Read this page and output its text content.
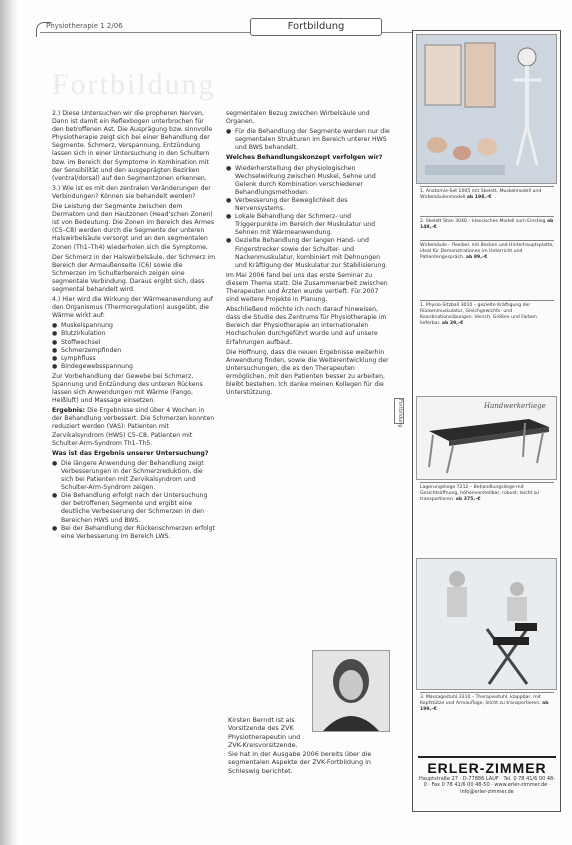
Physiotherapie 1 2/06	Fortbildung
Fortbildung

2.) Diese Untersuchen wir die propheren Nerven, Dann ist damit ein Reflexbogen unterbrochen für den betroffenen Ast. Die Ausprägung bzw. sinnvolle Physiotherapie zeigt sich bei einer Behandlung der Segmente. Schmerz, Verspannung, Entzündung lassen sich in einer Untersuchung in den Schultern bzw. im Bereich der Symptome in Kombination mit der Sensibilität und den ausgeprägten Bezirken (ventral/dorsal) auf den Segmentzonen erkennen.

3.) Wie ist es mit den zentralen Veränderungen der Verbindungen? Können sie behandelt werden?

Die Leistung der Segmente zwischen dem Dermatom und den Hautzonen (Head’schen Zonen) ist von Bedeutung. Die Zonen im Bereich des Armes (C5–C8) werden durch die Segmente der unteren Halswirbelsäule versorgt und an den segmentalen Zonen (Th1–Th4) wiederholen sich die Symptome.

Der Schmerz in der Halswirbelsäule, der Schmerz im Bereich der Armaußenseite (C6) sowie die Schmerzen im Schulterbereich zeigen eine segmentale Verbindung. Daraus ergibt sich, dass segmental behandelt wird.

4.) Hier wird die Wirkung der Wärmeanwendung auf den Organismus (Thermoregulation) ausgeübt, die Wärme wirkt auf:

● Muskelspannung
● Blutzirkulation
● Stoffwechsel
● Schmerzempfinden
● Lymphfluss
● Bindegewebsspannung

Zur Vorbehandlung der Gewebe bei Schmerz, Spannung und Entzündung des unteren Rückens lassen sich Anwendungen mit Wärme (Fango, Heißluft) und Massage einsetzen.

Ergebnis: Die Ergebnisse sind über 4 Wochen in der Behandlung verbessert. Die Schmerzen konnten reduziert werden (VAS): Patienten mit Zervikalsyndrom (HWS) C5–C8, Patienten mit Schulter-Arm-Syndrom Th1–Th5.

Was ist das Ergebnis unserer Untersuchung?

● Die längere Anwendung der Behandlung zeigt Verbesserungen in der Schmerzreduktion, die sich bei Patienten mit Zervikalsyndrom und Schulter-Arm-Syndrom zeigen.
● Die Behandlung erfolgt nach der Untersuchung der betroffenen Segmente und ergibt eine deutliche Verbesserung der Schmerzen in den Bereichen HWS und BWS.
● Bei der Behandlung der Rückenschmerzen erfolgt eine Verbesserung im Bereich LWS.

segmentalen Bezug zwischen Wirbelsäule und Organen.

● Für die Behandlung der Segmente werden nur die segmentalen Strukturen im Bereich unterer HWS und BWS behandelt.

Welches Behandlungskonzept verfolgen wir?

● Wiederherstellung der physiologischen Wechselwirkung zwischen Muskel, Sehne und Gelenk durch Kombination verschiedener Behandlungsmethoden.
● Verbesserung der Beweglichkeit des Nervensystems.
● Lokale Behandlung der Schmerz- und Triggerpunkte im Bereich der Muskulatur und Sehnen mit Wärmeanwendung.
● Gezielte Behandlung der langen Hand- und Fingerstrecker sowie der Schulter- und Nackenmuskulatur, kombiniert mit Dehnungen und Kräftigung der Muskulatur zur Stabilisierung.

Im Mai 2006 fand bei uns das erste Seminar zu diesem Thema statt. Die Zusammenarbeit zwischen Therapeuten und Ärzten wurde vertieft. Für 2007 sind weitere Projekte in Planung.

Abschließend möchte ich noch darauf hinweisen, dass die Studie des Zentrums für Physiotherapie im Bereich der Physiotherapie an internationalen Hochschulen durchgeführt wurde und auf unsere Erfahrungen aufbaut.

Die Hoffnung, dass die neuen Ergebnisse weiterhin Anwendung finden, sowie die Weiterentwicklung der Untersuchungen, die es den Therapeuten ermöglichen, mit den Patienten besser zu arbeiten, bleibt bestehen. Ich danke meinen Kollegen für die Unterstützung.

Fortbildung
Kirsten Berndt ist als Vorsitzende des ZVK Physiotherapeutin und ZVK-Kreisvorsitzende.
Sie hat in der Ausgabe 2006 bereits über die segmentalen Aspekte der ZVK-Fortbildung in Schleswig berichtet.
Handwerkerliege
1. Anatomie-Set 1005 mit Skelett, Muskelmodell und Wirbelsäulenmodell ab 198,–€
2. Skelett Stan 3040 – klassisches Modell zum Einstieg ab 149,–€
Wirbelsäule – flexibel, mit Becken und Hinterhauptsplatte, ideal für Demonstrationen im Unterricht und Patientengespräch. ab 89,–€
1. Physio-Sitzball 3010 – gezielte Kräftigung der Rückenmuskulatur, Gleichgewichts- und Koordinationsübungen. Versch. Größen und Farben lieferbar. ab 29,–€
Lagerungsliege 7212 – Behandlungsliege mit Gesichtsöffnung, höhenverstellbar, robust, leicht zu transportieren. ab 375,–€
3. Massagestuhl 3310 – Therapiestuhl, klappbar, mit Kopfstütze und Armauflage, leicht zu transportieren. ab 199,–€
ERLER-ZIMMER
Hauptstraße 27 · D-77886 LAUF · Tel. 0 78 41/6 00 48-0 · Fax 0 78 41/6 00 48-50 · www.erler-zimmer.de · info@erler-zimmer.de
